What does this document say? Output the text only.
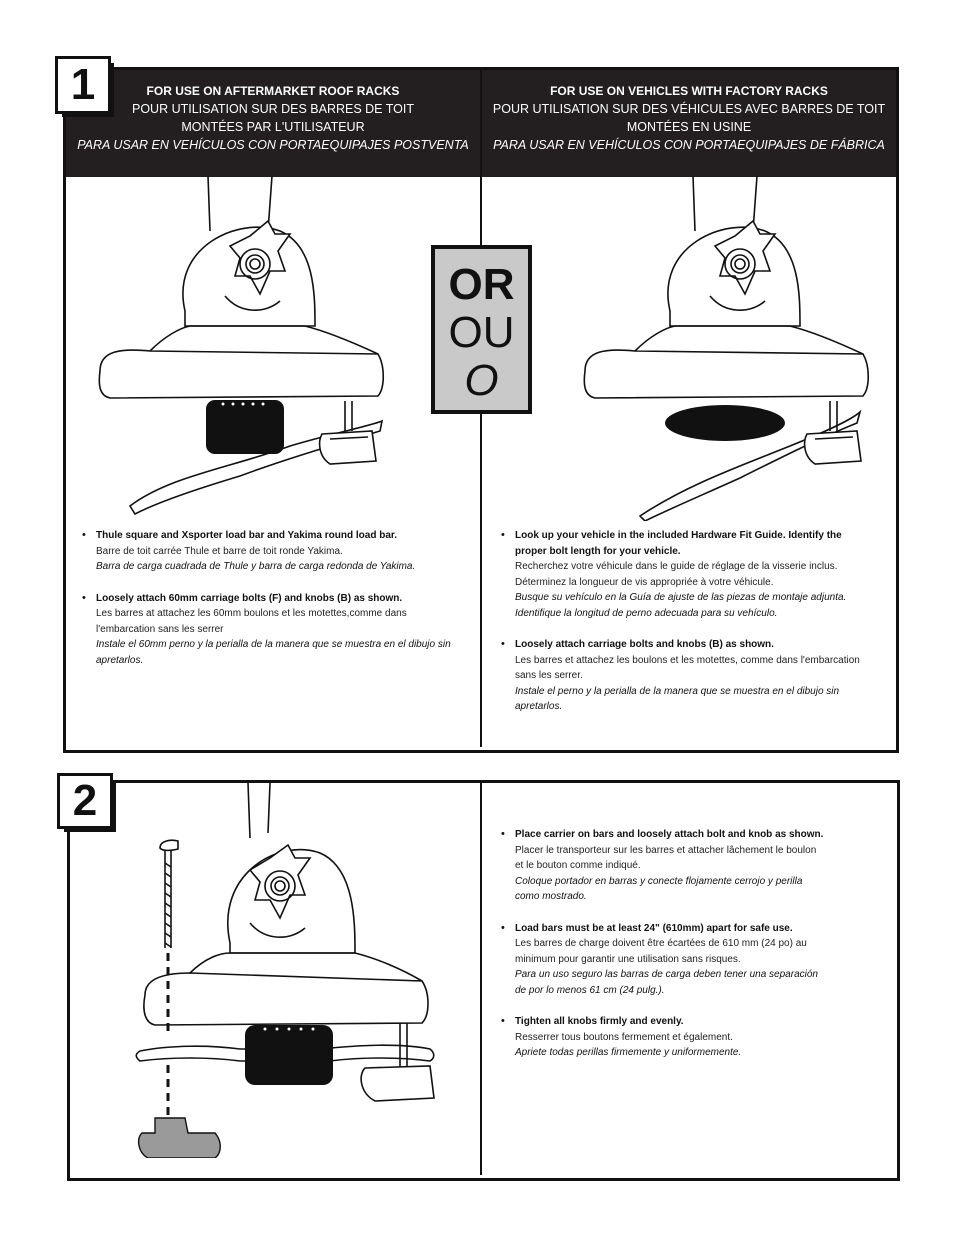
1	FOR USE ON AFTERMARKET ROOF RACKS
POUR UTILISATION SUR DES BARRES DE TOIT
MONTÉES PAR L'UTILISATEUR
PARA USAR EN VEHÍCULOS CON PORTAEQUIPAJES POSTVENTA
FOR USE ON VEHICLES WITH FACTORY RACKS
POUR UTILISATION SUR DES VÉHICULES AVEC BARRES DE TOIT
MONTÉES EN USINE
PARA USAR EN VEHÍCULOS CON PORTAEQUIPAJES DE FÁBRICA
OR
OU
O
• Thule square and Xsporter load bar and Yakima round load bar.
Barre de toit carrée Thule et barre de toit ronde Yakima.
Barra de carga cuadrada de Thule y barra de carga redonda de Yakima.
• Loosely attach 60mm carriage bolts (F) and knobs (B) as shown.
Les barres at attachez les 60mm boulons et les motettes,comme dans l'embarcation sans les serrer
Instale el 60mm perno y la perialla de la manera que se muestra en el dibujo sin apretarlos.
• Look up your vehicle in the included Hardware Fit Guide. Identify the proper bolt length for your vehicle.
Recherchez votre véhicule dans le guide de réglage de la visserie inclus. Déterminez la longueur de vis appropriée à votre véhicule.
Busque su vehículo en la Guía de ajuste de las piezas de montaje adjunta. Identifique la longitud de perno adecuada para su vehículo.
• Loosely attach carriage bolts and knobs (B) as shown.
Les barres et attachez les boulons et les motettes, comme dans l'embarcation sans les serrer.
Instale el perno y la perialla de la manera que se muestra en el dibujo sin apretarlos.
2
• Place carrier on bars and loosely attach bolt and knob as shown.
Placer le transporteur sur les barres et attacher lâchement le boulon et le bouton comme indiqué.
Coloque portador en barras y conecte flojamente cerrojo y perilla como mostrado.
• Load bars must be at least 24" (610mm) apart for safe use.
Les barres de charge doivent être écartées de 610 mm (24 po) au minimum pour garantir une utilisation sans risques.
Para un uso seguro las barras de carga deben tener una separación de por lo menos 61 cm (24 pulg.).
• Tighten all knobs firmly and evenly.
Resserrer tous boutons fermement et également.
Apriete todas perillas firmemente y uniformemente.
